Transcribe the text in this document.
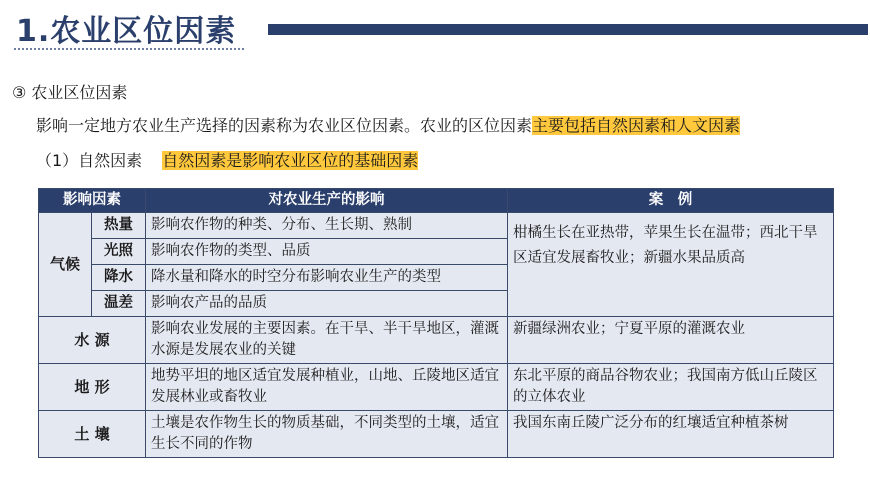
1.农业区位因素
③ 农业区位因素
影响一定地方农业生产选择的因素称为农业区位因素。农业的区位因素主要包括自然因素和人文因素
（1）自然因素 自然因素是影响农业区位的基础因素
影响因素		对农业生产的影响	案　例
气候	热量	影响农作物的种类、分布、生长期、熟制	柑橘生长在亚热带，苹果生长在温带；西北干旱区适宜发展畜牧业；新疆水果品质高
	光照	影响农作物的类型、品质	
	降水	降水量和降水的时空分布影响农业生产的类型	
	温差	影响农产品的品质	
水 源		影响农业发展的主要因素。在干旱、半干旱地区，灌溉水源是发展农业的关键	新疆绿洲农业；宁夏平原的灌溉农业
地 形		地势平坦的地区适宜发展种植业，山地、丘陵地区适宜发展林业或畜牧业	东北平原的商品谷物农业；我国南方低山丘陵区的立体农业
土 壤		土壤是农作物生长的物质基础，不同类型的土壤，适宜生长不同的作物	我国东南丘陵广泛分布的红壤适宜种植茶树
